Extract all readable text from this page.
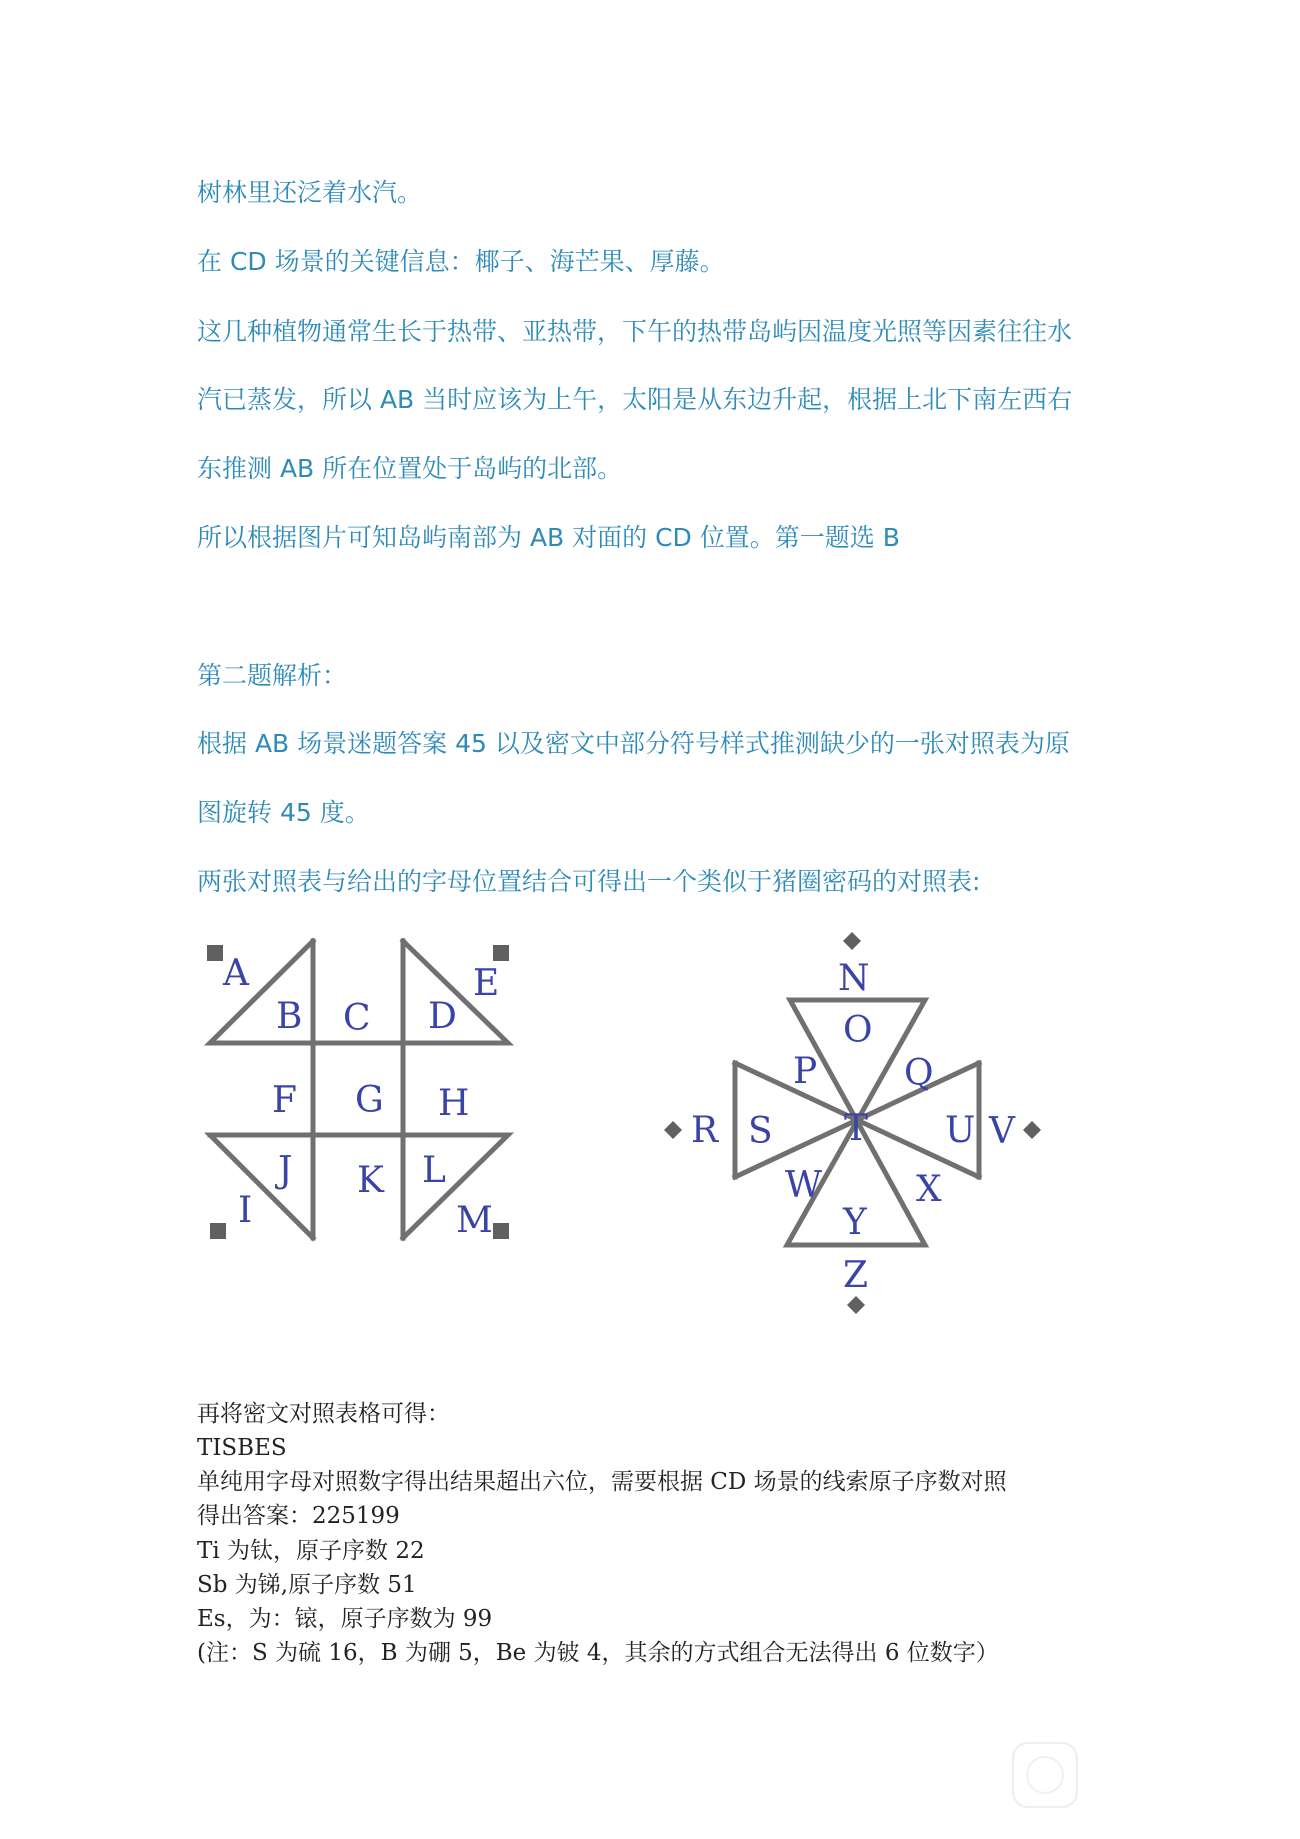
树林里还泛着水汽。
在 CD 场景的关键信息：椰子、海芒果、厚藤。
这几种植物通常生长于热带、亚热带，下午的热带岛屿因温度光照等因素往往水
汽已蒸发，所以 AB 当时应该为上午，太阳是从东边升起，根据上北下南左西右
东推测 AB 所在位置处于岛屿的北部。
所以根据图片可知岛屿南部为 AB 对面的 CD 位置。第一题选 B
第二题解析：
根据 AB 场景迷题答案 45 以及密文中部分符号样式推测缺少的一张对照表为原
图旋转 45 度。
两张对照表与给出的字母位置结合可得出一个类似于猪圈密码的对照表:
A
B C D
E
F G H
I
J K L
M
N
O
P Q
R S T U V
W	X
Y
Z
再将密文对照表格可得：
TISBES
单纯用字母对照数字得出结果超出六位，需要根据 CD 场景的线索原子序数对照
得出答案：225199
Ti 为钛，原子序数 22
Sb 为锑,原子序数 51
Es，为：锿，原子序数为 99
(注：S 为硫 16，B 为硼 5，Be 为铍 4，其余的方式组合无法得出 6 位数字）
